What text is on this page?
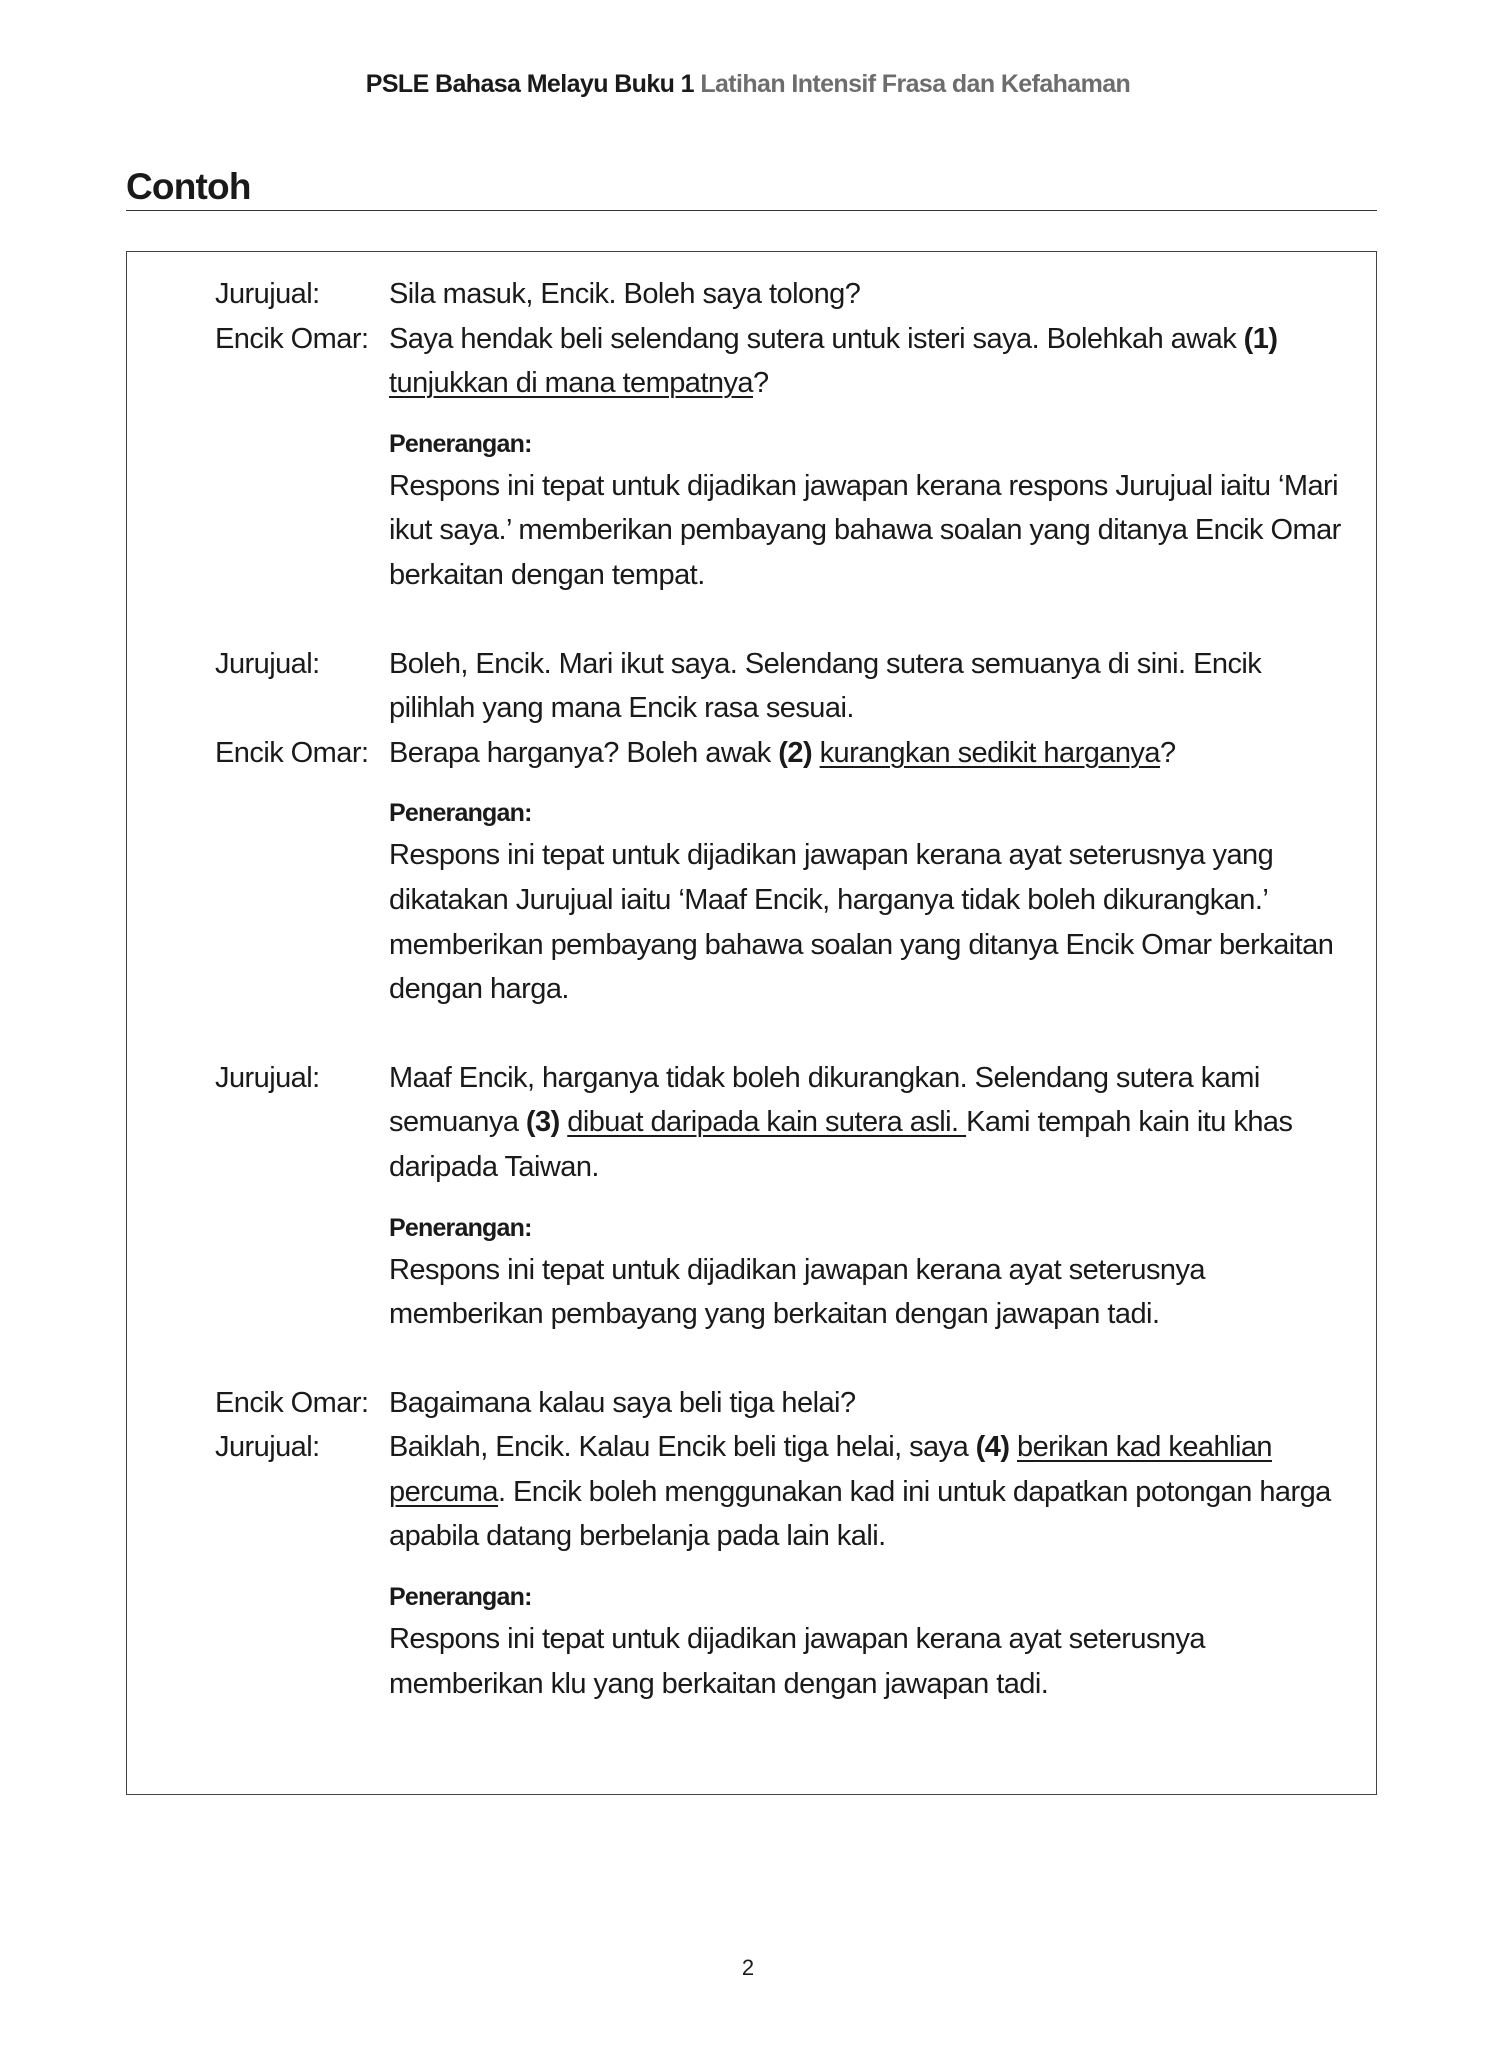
PSLE Bahasa Melayu Buku 1 Latihan Intensif Frasa dan Kefahaman
Contoh
Jurujual:	Sila masuk, Encik. Boleh saya tolong?
Encik Omar: Saya hendak beli selendang sutera untuk isteri saya. Bolehkah awak (1) tunjukkan di mana tempatnya?
Penerangan:
Respons ini tepat untuk dijadikan jawapan kerana respons Jurujual iaitu ‘Mari ikut saya.’ memberikan pembayang bahawa soalan yang ditanya Encik Omar berkaitan dengan tempat.
Jurujual:	Boleh, Encik. Mari ikut saya. Selendang sutera semuanya di sini. Encik pilihlah yang mana Encik rasa sesuai.
Encik Omar: Berapa harganya? Boleh awak (2) kurangkan sedikit harganya?
Penerangan:
Respons ini tepat untuk dijadikan jawapan kerana ayat seterusnya yang dikatakan Jurujual iaitu ‘Maaf Encik, harganya tidak boleh dikurangkan.’ memberikan pembayang bahawa soalan yang ditanya Encik Omar berkaitan dengan harga.
Jurujual:	Maaf Encik, harganya tidak boleh dikurangkan. Selendang sutera kami semuanya (3) dibuat daripada kain sutera asli. Kami tempah kain itu khas daripada Taiwan.
Penerangan:
Respons ini tepat untuk dijadikan jawapan kerana ayat seterusnya memberikan pembayang yang berkaitan dengan jawapan tadi.
Encik Omar: Bagaimana kalau saya beli tiga helai?
Jurujual:	Baiklah, Encik. Kalau Encik beli tiga helai, saya (4) berikan kad keahlian percuma. Encik boleh menggunakan kad ini untuk dapatkan potongan harga apabila datang berbelanja pada lain kali.
Penerangan:
Respons ini tepat untuk dijadikan jawapan kerana ayat seterusnya memberikan klu yang berkaitan dengan jawapan tadi.
2
